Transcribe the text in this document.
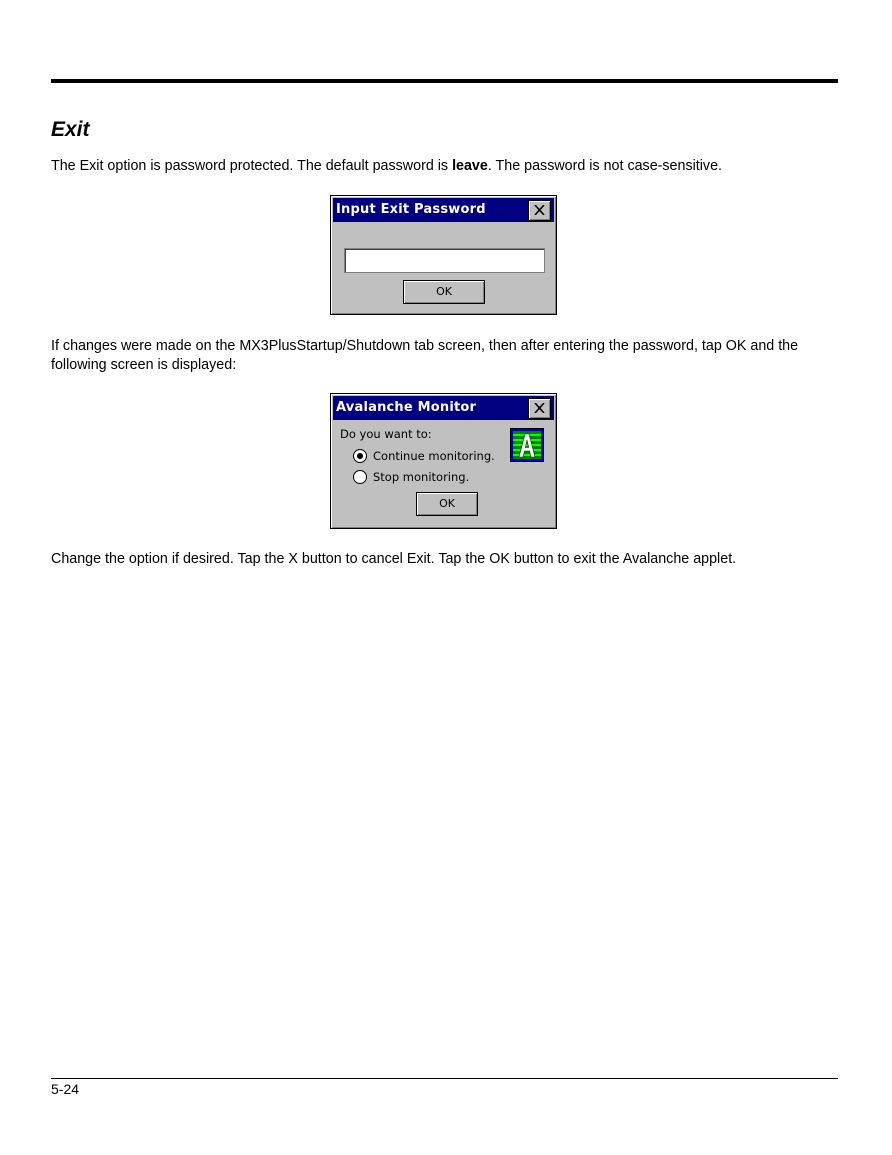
Exit

The Exit option is password protected. The default password is leave. The password is not case-sensitive.

Input Exit Password
OK

If changes were made on the MX3PlusStartup/Shutdown tab screen, then after entering the password, tap OK and the following screen is displayed:

Avalanche Monitor
Do you want to:
Continue monitoring.
Stop monitoring.
OK

Change the option if desired. Tap the X button to cancel Exit. Tap the OK button to exit the Avalanche applet.

5-24
